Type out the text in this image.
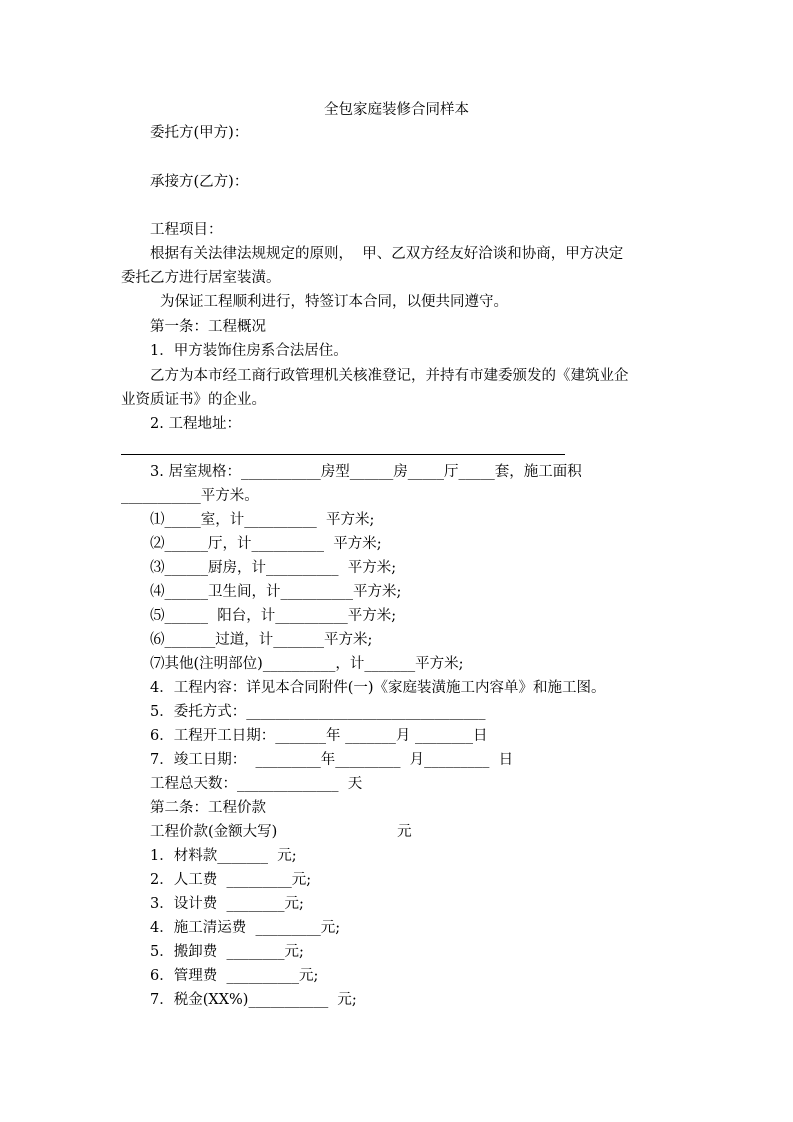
全包家庭装修合同样本
委托方(甲方)：
承接方(乙方)：
工程项目：
根据有关法律法规规定的原则，  甲、乙双方经友好洽谈和协商，甲方决定
委托乙方进行居室装潢。
为保证工程顺利进行，特签订本合同，以便共同遵守。
第一条：工程概况
1．甲方装饰住房系合法居住。
乙方为本市经工商行政管理机关核准登记，并持有市建委颁发的《建筑业企
业资质证书》的企业。
2. 工程地址：
3. 居室规格：___________房型______房_____厅_____套，施工面积
___________平方米。
⑴_____室，计__________  平方米;
⑵______厅，计__________  平方米;
⑶______厨房，计__________  平方米;
⑷______卫生间，计__________平方米;
⑸______  阳台，计__________平方米;
⑹_______过道，计_______平方米;
⑺其他(注明部位)__________，计_______平方米;
4．工程内容：详见本合同附件(一)《家庭装潢施工内容单》和施工图。
5．委托方式：_________________________________
6．工程开工日期：_______年 _______月 ________日
7．竣工日期：  _________年_________  月_________  日
工程总天数：______________  天
第二条：工程价款
工程价款(金额大写)                          元
1．材料款_______  元;
2．人工费  _________元;
3．设计费  ________元;
4．施工清运费  _________元;
5．搬卸费  ________元;
6．管理费  __________元;
7．税金(XX%)___________  元;
